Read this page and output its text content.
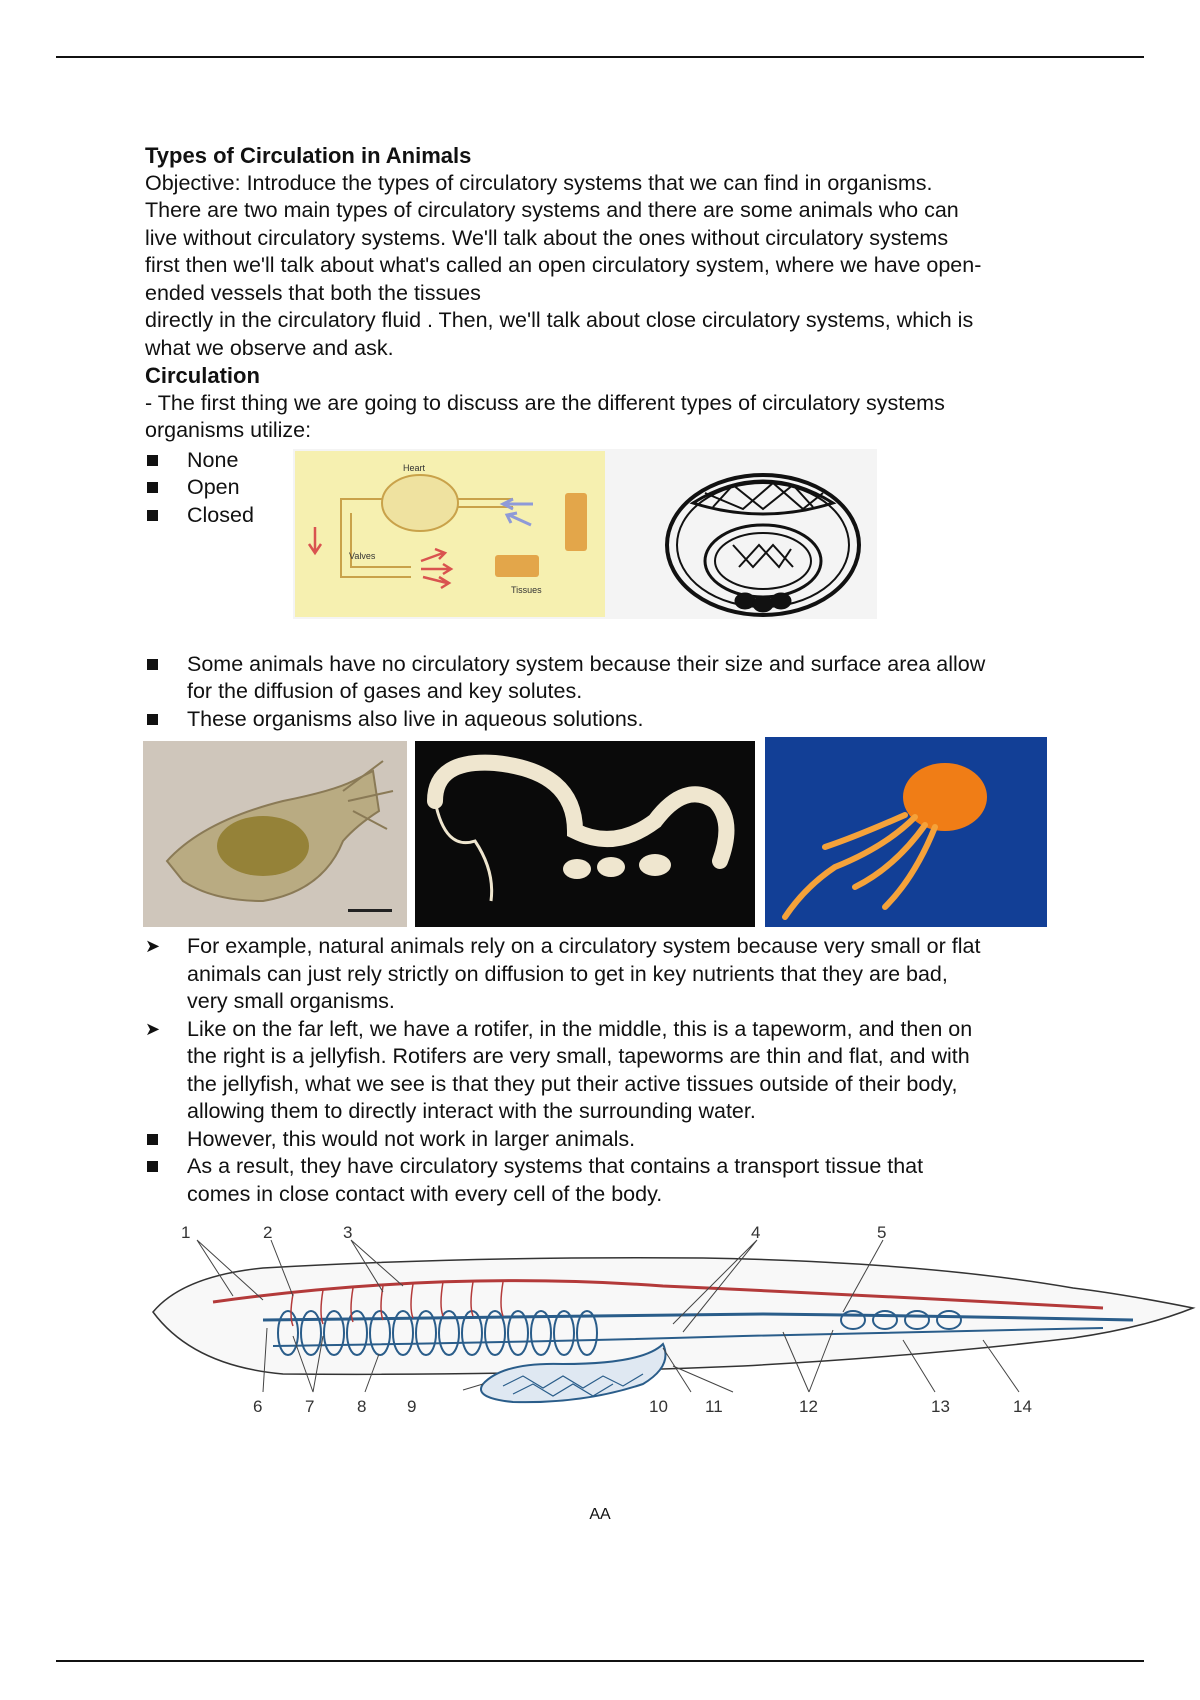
Types of Circulation in Animals

Objective: Introduce the types of circulatory systems that we can find in organisms.

There are two main types of circulatory systems and there are some animals who can

live without circulatory systems. We'll talk about the ones without circulatory systems

first then we'll talk about what's called an open circulatory system, where we have open-

ended vessels that both the tissues

directly in the circulatory fluid . Then, we'll talk about close circulatory systems, which is

what we observe and ask.

Circulation

- The first thing we are going to discuss are the different types of circulatory systems

organisms utilize:

None
Open
Closed
Heart
Valves
Tissues

Some animals have no circulatory system because their size and surface area allow

for the diffusion of gases and key solutes.

These organisms also live in aqueous solutions.

➤ For example, natural animals rely on a circulatory system because very small or flat

animals can just rely strictly on diffusion to get in key nutrients that they are bad,

very small organisms.

➤ Like on the far left, we have a rotifer, in the middle, this is a tapeworm, and then on

the right is a jellyfish. Rotifers are very small, tapeworms are thin and flat, and with

the jellyfish, what we see is that they put their active tissues outside of their body,

allowing them to directly interact with the surrounding water.

However, this would not work in larger animals.

As a result, they have circulatory systems that contains a transport tissue that

comes in close contact with every cell of the body.

1	2	3	4	5
6	7	8 9	10 11	12	13	14
AA
